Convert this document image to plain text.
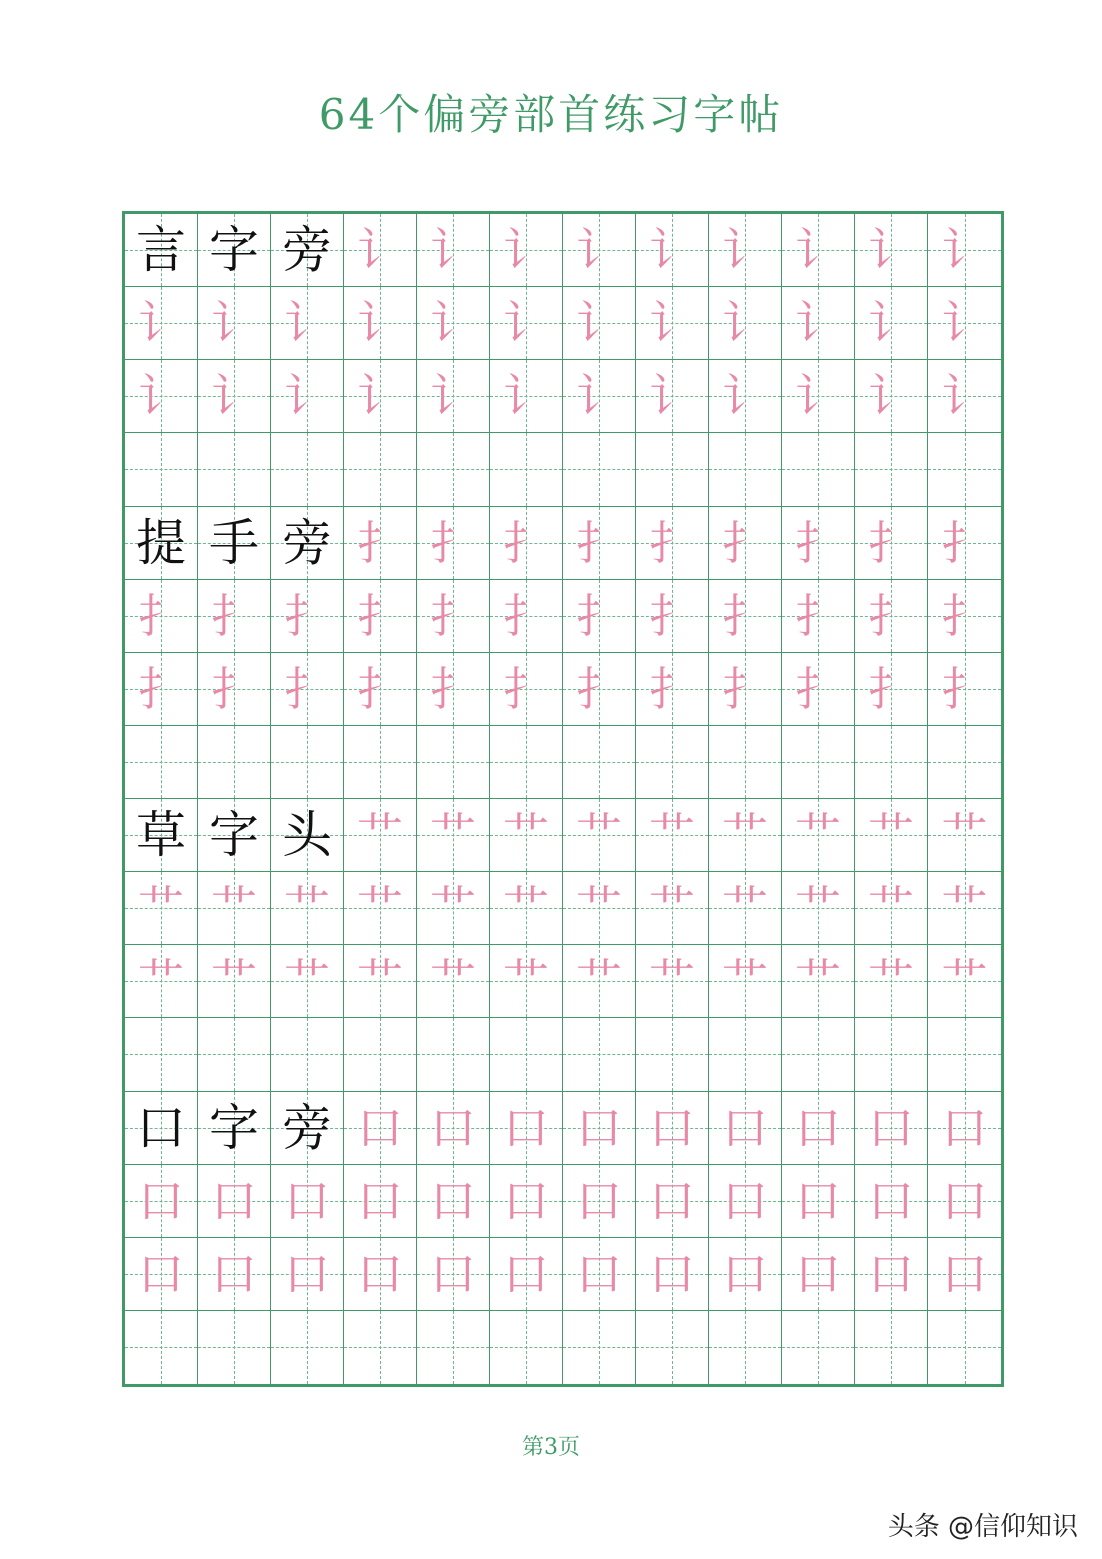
64个偏旁部首练习字帖
言 字 旁 讠 讠 讠 讠 讠 讠 讠 讠 讠
讠 讠 讠 讠 讠 讠 讠 讠 讠 讠 讠 讠
讠 讠 讠 讠 讠 讠 讠 讠 讠 讠 讠 讠
提 手 旁 扌 扌 扌 扌 扌 扌 扌 扌 扌
扌 扌 扌 扌 扌 扌 扌 扌 扌 扌 扌 扌
扌 扌 扌 扌 扌 扌 扌 扌 扌 扌 扌 扌
草 字 头 艹 艹 艹 艹 艹 艹 艹 艹 艹
艹 艹 艹 艹 艹 艹 艹 艹 艹 艹 艹 艹
艹 艹 艹 艹 艹 艹 艹 艹 艹 艹 艹 艹
口 字 旁 口 口 口 口 口 口 口 口 口
口 口 口 口 口 口 口 口 口 口 口 口
口 口 口 口 口 口 口 口 口 口 口 口
第3页
头条 @信仰知识
